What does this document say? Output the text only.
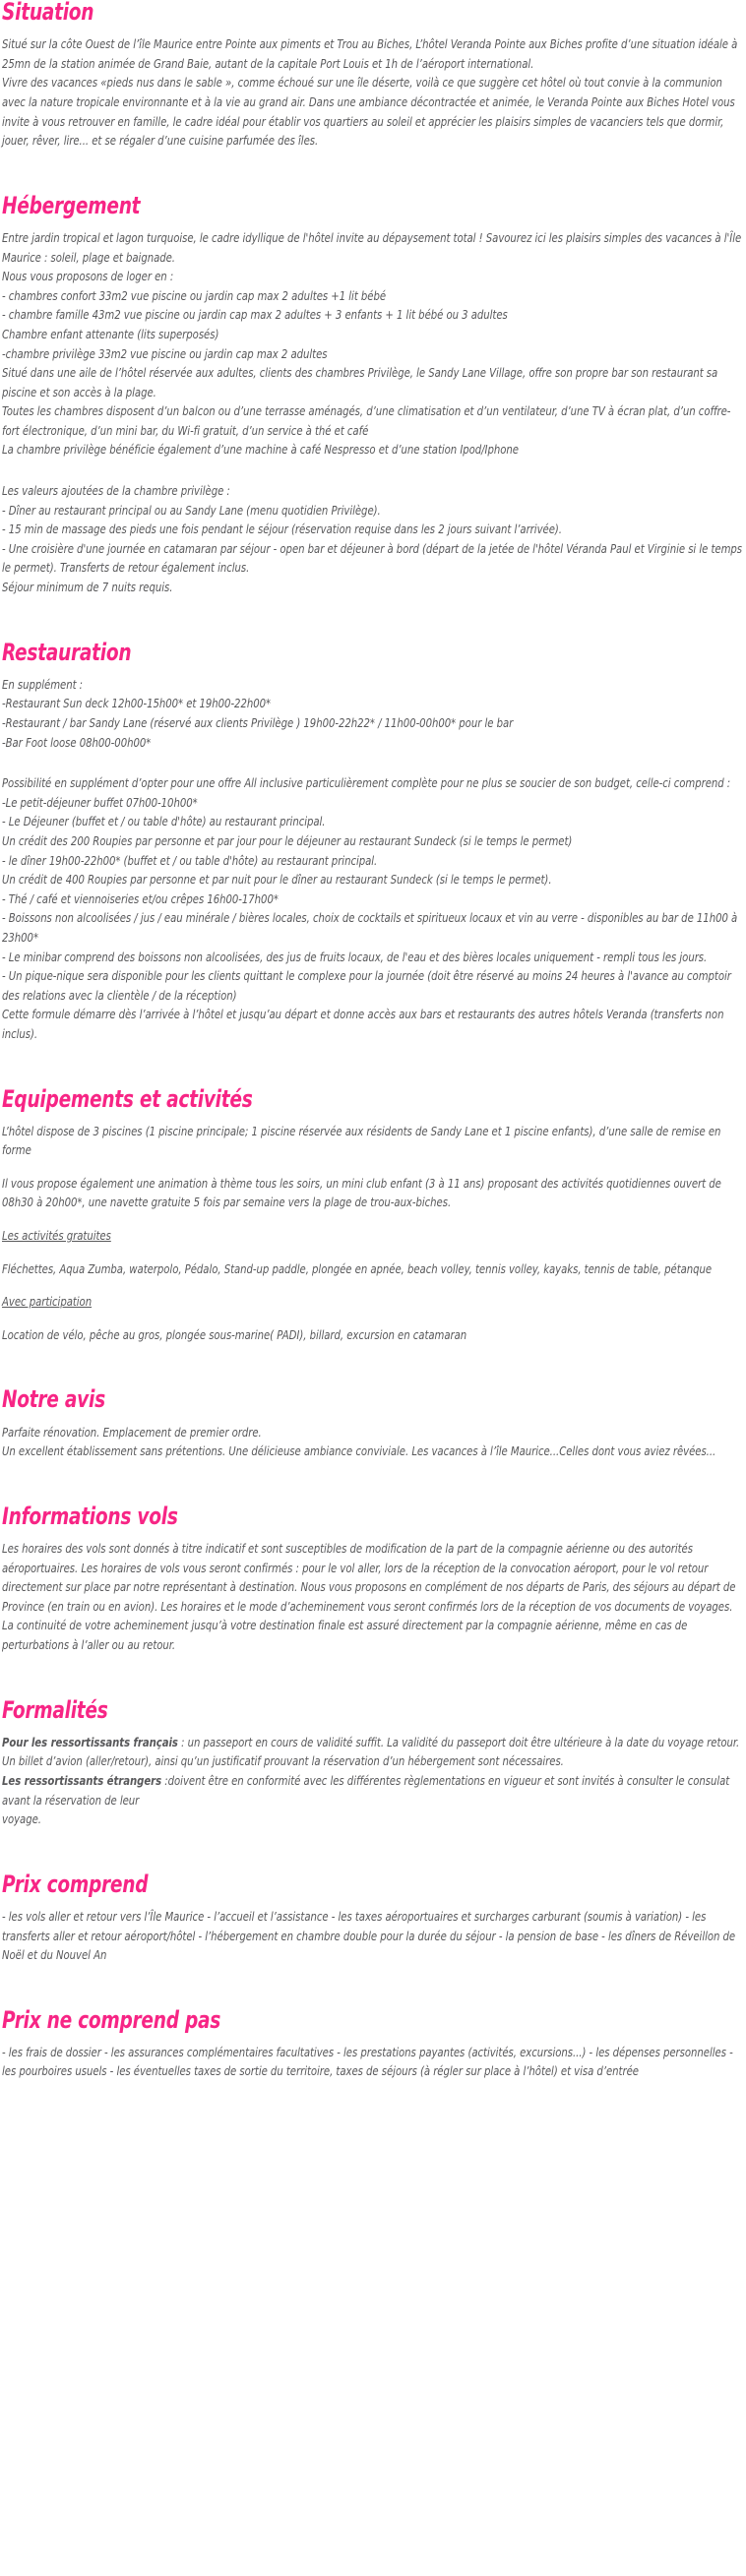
Situation

Situé sur la côte Ouest de l’île Maurice entre Pointe aux piments et Trou au Biches, L’hôtel Veranda Pointe aux Biches profite d’une situation idéale à 25mn de la station animée de Grand Baie, autant de la capitale Port Louis et 1h de l’aéroport international.

Vivre des vacances «pieds nus dans le sable », comme échoué sur une île déserte, voilà ce que suggère cet hôtel où tout convie à la communion avec la nature tropicale environnante et à la vie au grand air. Dans une ambiance décontractée et animée, le Veranda Pointe aux Biches Hotel vous invite à vous retrouver en famille, le cadre idéal pour établir vos quartiers au soleil et apprécier les plaisirs simples de vacanciers tels que dormir, jouer, rêver, lire... et se régaler d’une cuisine parfumée des îles.

Hébergement

Entre jardin tropical et lagon turquoise, le cadre idyllique de l'hôtel invite au dépaysement total ! Savourez ici les plaisirs simples des vacances à l'Île Maurice : soleil, plage et baignade.

Nous vous proposons de loger en :

- chambres confort 33m2 vue piscine ou jardin cap max 2 adultes +1 lit bébé

- chambre famille 43m2 vue piscine ou jardin cap max 2 adultes + 3 enfants + 1 lit bébé ou 3 adultes

Chambre enfant attenante (lits superposés)

-chambre privilège 33m2 vue piscine ou jardin cap max 2 adultes

Situé dans une aile de l’hôtel réservée aux adultes, clients des chambres Privilège, le Sandy Lane Village, offre son propre bar son restaurant sa piscine et son accès à la plage.

Toutes les chambres disposent d’un balcon ou d’une terrasse aménagés, d’une climatisation et d’un ventilateur, d’une TV à écran plat, d’un coffre-fort électronique, d’un mini bar, du Wi-fi gratuit, d’un service à thé et café

La chambre privilège bénéficie également d’une machine à café Nespresso et d’une station Ipod/Iphone

Les valeurs ajoutées de la chambre privilège :

- Dîner au restaurant principal ou au Sandy Lane (menu quotidien Privilège).

- 15 min de massage des pieds une fois pendant le séjour (réservation requise dans les 2 jours suivant l’arrivée).

- Une croisière d'une journée en catamaran par séjour - open bar et déjeuner à bord (départ de la jetée de l'hôtel Véranda Paul et Virginie si le temps le permet). Transferts de retour également inclus.

Séjour minimum de 7 nuits requis.

Restauration

En supplément :

-Restaurant Sun deck 12h00-15h00* et 19h00-22h00*

-Restaurant / bar Sandy Lane (réservé aux clients Privilège ) 19h00-22h22* / 11h00-00h00* pour le bar

-Bar Foot loose 08h00-00h00*

Possibilité en supplément d’opter pour une offre All inclusive particulièrement complète pour ne plus se soucier de son budget, celle-ci comprend :

-Le petit-déjeuner buffet 07h00-10h00*

- Le Déjeuner (buffet et / ou table d'hôte) au restaurant principal.

Un crédit des 200 Roupies par personne et par jour pour le déjeuner au restaurant Sundeck (si le temps le permet)

- le dîner 19h00-22h00* (buffet et / ou table d'hôte) au restaurant principal.

Un crédit de 400 Roupies par personne et par nuit pour le dîner au restaurant Sundeck (si le temps le permet).

- Thé / café et viennoiseries et/ou crêpes 16h00-17h00*

- Boissons non alcoolisées / jus / eau minérale / bières locales, choix de cocktails et spiritueux locaux et vin au verre - disponibles au bar de 11h00 à 23h00*

- Le minibar comprend des boissons non alcoolisées, des jus de fruits locaux, de l'eau et des bières locales uniquement - rempli tous les jours.

- Un pique-nique sera disponible pour les clients quittant le complexe pour la journée (doit être réservé au moins 24 heures à l'avance au comptoir des relations avec la clientèle / de la réception)

Cette formule démarre dès l’arrivée à l’hôtel et jusqu’au départ et donne accès aux bars et restaurants des autres hôtels Veranda (transferts non inclus).

Equipements et activités

L’hôtel dispose de 3 piscines (1 piscine principale; 1 piscine réservée aux résidents de Sandy Lane et 1 piscine enfants), d’une salle de remise en forme

Il vous propose également une animation à thème tous les soirs, un mini club enfant (3 à 11 ans) proposant des activités quotidiennes ouvert de 08h30 à 20h00*, une navette gratuite 5 fois par semaine vers la plage de trou-aux-biches.

Les activités gratuites

Fléchettes, Aqua Zumba, waterpolo, Pédalo, Stand-up paddle, plongée en apnée, beach volley, tennis volley, kayaks, tennis de table, pétanque

Avec participation

Location de vélo, pêche au gros, plongée sous-marine( PADI), billard, excursion en catamaran

Notre avis

Parfaite rénovation. Emplacement de premier ordre.

Un excellent établissement sans prétentions. Une délicieuse ambiance conviviale. Les vacances à l’île Maurice...Celles dont vous aviez rêvées...

Informations vols

Les horaires des vols sont donnés à titre indicatif et sont susceptibles de modification de la part de la compagnie aérienne ou des autorités aéroportuaires. Les horaires de vols vous seront confirmés : pour le vol aller, lors de la réception de la convocation aéroport, pour le vol retour directement sur place par notre représentant à destination. Nous vous proposons en complément de nos départs de Paris, des séjours au départ de Province (en train ou en avion). Les horaires et le mode d’acheminement vous seront confirmés lors de la réception de vos documents de voyages. La continuité de votre acheminement jusqu’à votre destination finale est assuré directement par la compagnie aérienne, même en cas de perturbations à l’aller ou au retour.

Formalités

Pour les ressortissants français : un passeport en cours de validité suffit. La validité du passeport doit être ultérieure à la date du voyage retour. Un billet d’avion (aller/retour), ainsi qu’un justificatif prouvant la réservation d’un hébergement sont nécessaires.

Les ressortissants étrangers :doivent être en conformité avec les différentes règlementations en vigueur et sont invités à consulter le consulat avant la réservation de leur

voyage.

Prix comprend

- les vols aller et retour vers l’Île Maurice - l’accueil et l’assistance - les taxes aéroportuaires et surcharges carburant (soumis à variation) - les transferts aller et retour aéroport/hôtel - l’hébergement en chambre double pour la durée du séjour - la pension de base - les dîners de Réveillon de Noël et du Nouvel An

Prix ne comprend pas

- les frais de dossier - les assurances complémentaires facultatives - les prestations payantes (activités, excursions...) - les dépenses personnelles - les pourboires usuels - les éventuelles taxes de sortie du territoire, taxes de séjours (à régler sur place à l’hôtel) et visa d’entrée
